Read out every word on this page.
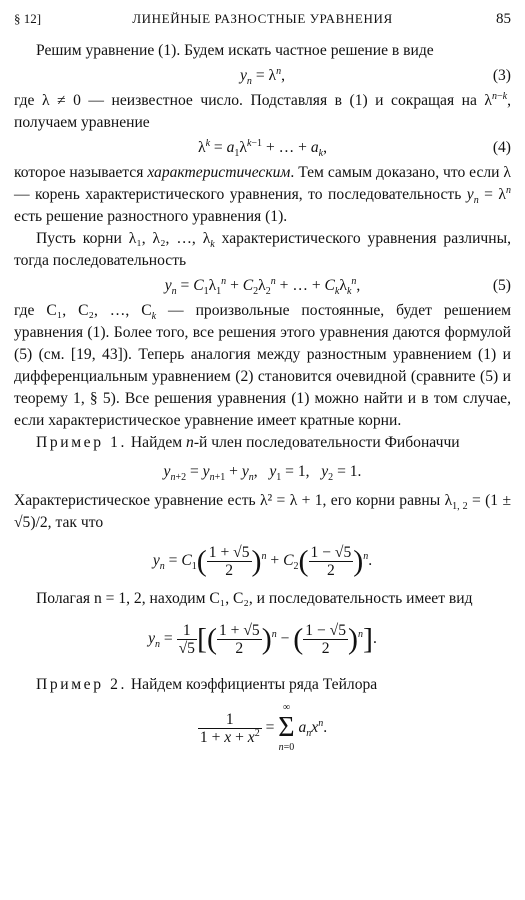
§ 12]	ЛИНЕЙНЫЕ РАЗНОСТНЫЕ УРАВНЕНИЯ	85

Решим уравнение (1). Будем искать частное решение в виде

$y_n = \lambda^n$,	(3)

где λ ≠ 0 — неизвестное число. Подставляя в (1) и сокращая на $\lambda^{n-k}$, получаем уравнение

$\lambda^k = a_1\lambda^{k-1}$ + … + $a_k$,	(4)

которое называется характеристическим. Тем самым доказано, что если λ — корень характеристического уравнения, то последовательность $y_n = \lambda^n$ есть решение разностного уравнения (1).

Пусть корни λ₁, λ₂, …, $\lambda_k$ характеристического уравнения различны, тогда последовательность

$y_n = C_1\lambda_1^n + C_2\lambda_2^n$ + … + $C_k\lambda_k^n$,	(5)

где C₁, C₂, …, $C_k$ — произвольные постоянные, будет решением уравнения (1). Более того, все решения этого уравнения даются формулой (5) (см. [19, 43]). Теперь аналогия между разностным уравнением (1) и дифференциальным уравнением (2) становится очевидной (сравните (5) и теорему 1, § 5). Все решения уравнения (1) можно найти и в том случае, если характеристическое уравнение имеет кратные корни.

Пример 1. Найдем n-й член последовательности Фибоначчи

$y_{n+2} = y_{n+1} + y_n$,   $y_1 = 1$,   $y_2 = 1$.

Характеристическое уравнение есть λ² = λ + 1, его корни равны $\lambda_{1, 2} = (1 \pm √5)/2$, так что

$y_n = C_1( \frac{1 + √5}{2} )^n + C_2( \frac{1 - √5}{2} )^n$.

Полагая n = 1, 2, находим C₁, C₂, и последовательность имеет вид

$y_n = \frac{1}{√5}$ [( $\frac{1 + √5}{2} )^n$ − ( $\frac{1 - √5}{2} )^n$].

Пример 2. Найдем коэффициенты ряда Тейлора

$\frac{1}{1 + x + x^2}$ = ∞
Σ
n=0 $a_nx^n$.
